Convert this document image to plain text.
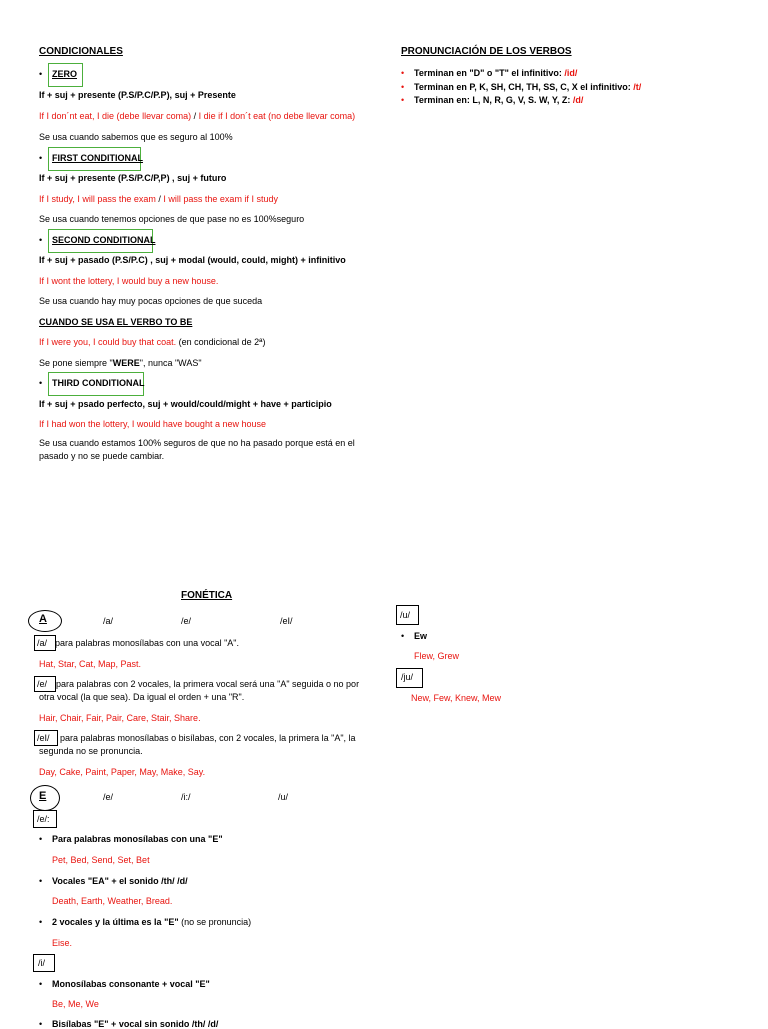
CONDICIONALES
• ZERO
If + suj + presente (P.S/P.C/P.P), suj + Presente
If I don´nt eat, I die (debe llevar coma) / I die if I don´t eat (no debe llevar coma)
Se usa cuando sabemos que es seguro al 100%
• FIRST CONDITIONAL
If + suj + presente (P.S/P.C/P,P) , suj + futuro
If I study, I will pass the exam / I will pass the exam if I study
Se usa cuando tenemos opciones de que pase no es 100%seguro
• SECOND CONDITIONAL
If + suj + pasado (P.S/P.C) , suj + modal (would, could, might) + infinitivo
If I wont the lottery, I would buy a new house.
Se usa cuando hay muy pocas opciones de que suceda
CUANDO SE USA EL VERBO TO BE
If I were you, I could buy that coat. (en condicional de 2ª)
Se pone siempre "WERE", nunca "WAS"
• THIRD CONDITIONAL
If + suj + psado perfecto, suj + would/could/might + have + participio
If I had won the lottery, I would have bought a new house
Se usa cuando estamos 100% seguros de que no ha pasado porque está en el pasado y no se puede cambiar.
PRONUNCIACIÓN DE LOS VERBOS
• Terminan en "D" o "T" el infinitivo: /id/
• Terminan en P, K, SH, CH, TH, SS, C, X el infinitivo: /t/
• Terminan en: L, N, R, G, V, S. W, Y, Z: /d/
FONÉTICA
A	/a/	/e/	/eI/
/a/ para palabras monosílabas con una vocal "A".
Hat, Star, Cat, Map, Past.
/e/ para palabras con 2 vocales, la primera vocal será una "A" seguida o no por otra vocal (la que sea). Da igual el orden + una "R".
Hair, Chair, Fair, Pair, Care, Stair, Share.
/eI/	para palabras monosílabas o bisílabas, con 2 vocales, la primera la "A", la segunda no se pronuncia.
Day, Cake, Paint, Paper, May, Make, Say.
E	/e/	/i:/	/u/
/e/:
• Para palabras monosílabas con una "E"
Pet, Bed, Send, Set, Bet
• Vocales "EA" + el sonido /th/ /d/
Death, Earth, Weather, Bread.
• 2 vocales y la última es la "E" (no se pronuncia)
Eise.
/i/
• Monosílabas consonante + vocal "E"
Be, Me, We
• Bisílabas "E" + vocal sin sonido /th/ /d/
/u/
• Ew
Flew, Grew
/ju/
New, Few, Knew, Mew
